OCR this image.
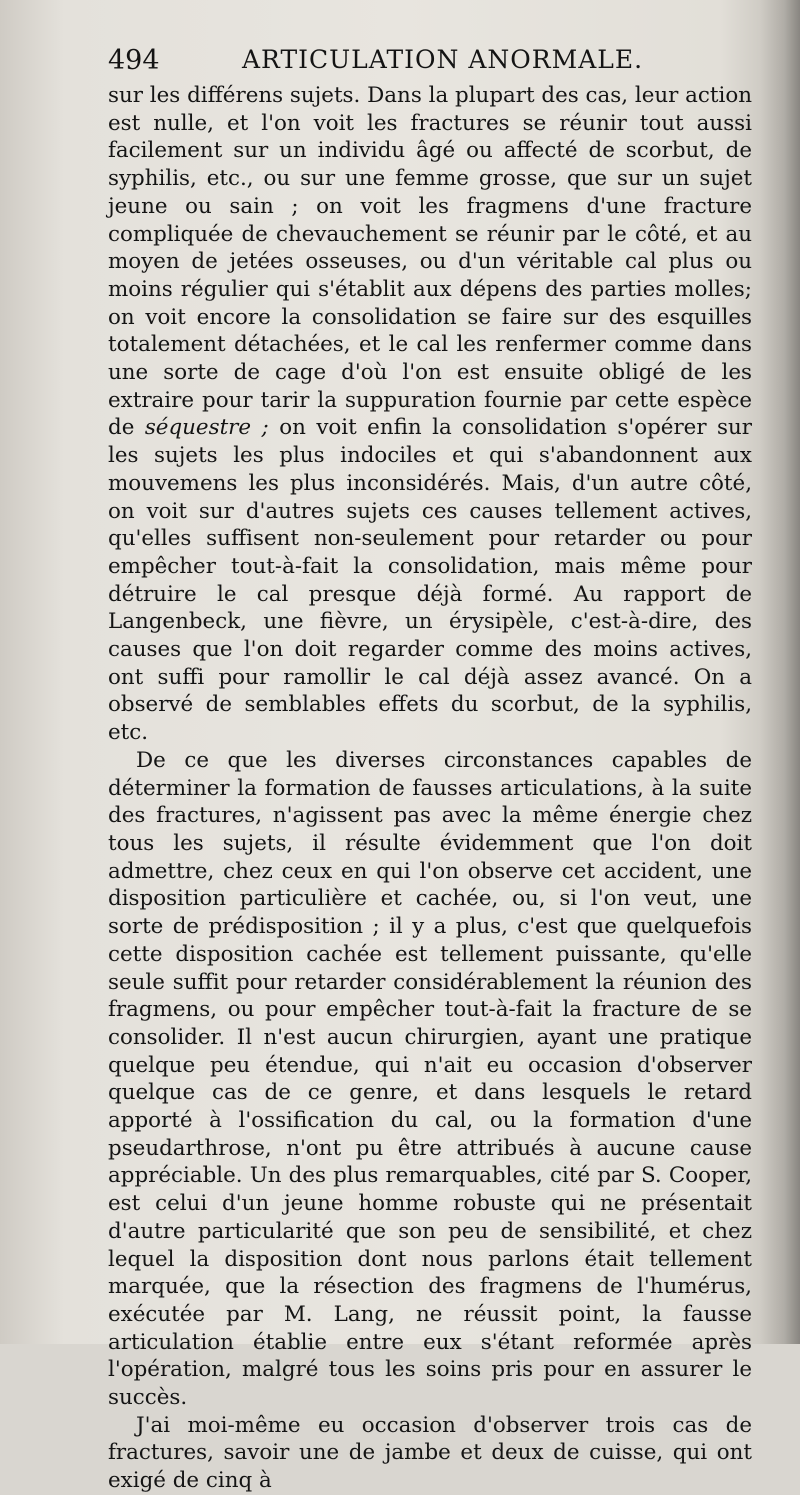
494	ARTICULATION ANORMALE.

sur les différens sujets. Dans la plupart des cas, leur action est nulle, et l'on voit les fractures se réunir tout aussi facilement sur un individu âgé ou affecté de scorbut, de syphilis, etc., ou sur une femme grosse, que sur un sujet jeune ou sain ; on voit les fragmens d'une fracture compliquée de chevauchement se réunir par le côté, et au moyen de jetées osseuses, ou d'un véritable cal plus ou moins régulier qui s'établit aux dépens des parties molles; on voit encore la consolidation se faire sur des esquilles totalement détachées, et le cal les renfermer comme dans une sorte de cage d'où l'on est ensuite obligé de les extraire pour tarir la suppuration fournie par cette espèce de séquestre ; on voit enfin la consolidation s'opérer sur les sujets les plus indociles et qui s'abandonnent aux mouvemens les plus inconsidérés. Mais, d'un autre côté, on voit sur d'autres sujets ces causes tellement actives, qu'elles suffisent non-seulement pour retarder ou pour empêcher tout-à-fait la consolidation, mais même pour détruire le cal presque déjà formé. Au rapport de Langenbeck, une fièvre, un érysipèle, c'est-à-dire, des causes que l'on doit regarder comme des moins actives, ont suffi pour ramollir le cal déjà assez avancé. On a observé de semblables effets du scorbut, de la syphilis, etc.

De ce que les diverses circonstances capables de déterminer la formation de fausses articulations, à la suite des fractures, n'agissent pas avec la même énergie chez tous les sujets, il résulte évidemment que l'on doit admettre, chez ceux en qui l'on observe cet accident, une disposition particulière et cachée, ou, si l'on veut, une sorte de prédisposition ; il y a plus, c'est que quelquefois cette disposition cachée est tellement puissante, qu'elle seule suffit pour retarder considérablement la réunion des fragmens, ou pour empêcher tout-à-fait la fracture de se consolider. Il n'est aucun chirurgien, ayant une pratique quelque peu étendue, qui n'ait eu occasion d'observer quelque cas de ce genre, et dans lesquels le retard apporté à l'ossification du cal, ou la formation d'une pseudarthrose, n'ont pu être attribués à aucune cause appréciable. Un des plus remarquables, cité par S. Cooper, est celui d'un jeune homme robuste qui ne présentait d'autre particularité que son peu de sensibilité, et chez lequel la disposition dont nous parlons était tellement marquée, que la résection des fragmens de l'humérus, exécutée par M. Lang, ne réussit point, la fausse articulation établie entre eux s'étant reformée après l'opération, malgré tous les soins pris pour en assurer le succès.

J'ai moi-même eu occasion d'observer trois cas de fractures, savoir une de jambe et deux de cuisse, qui ont exigé de cinq à
